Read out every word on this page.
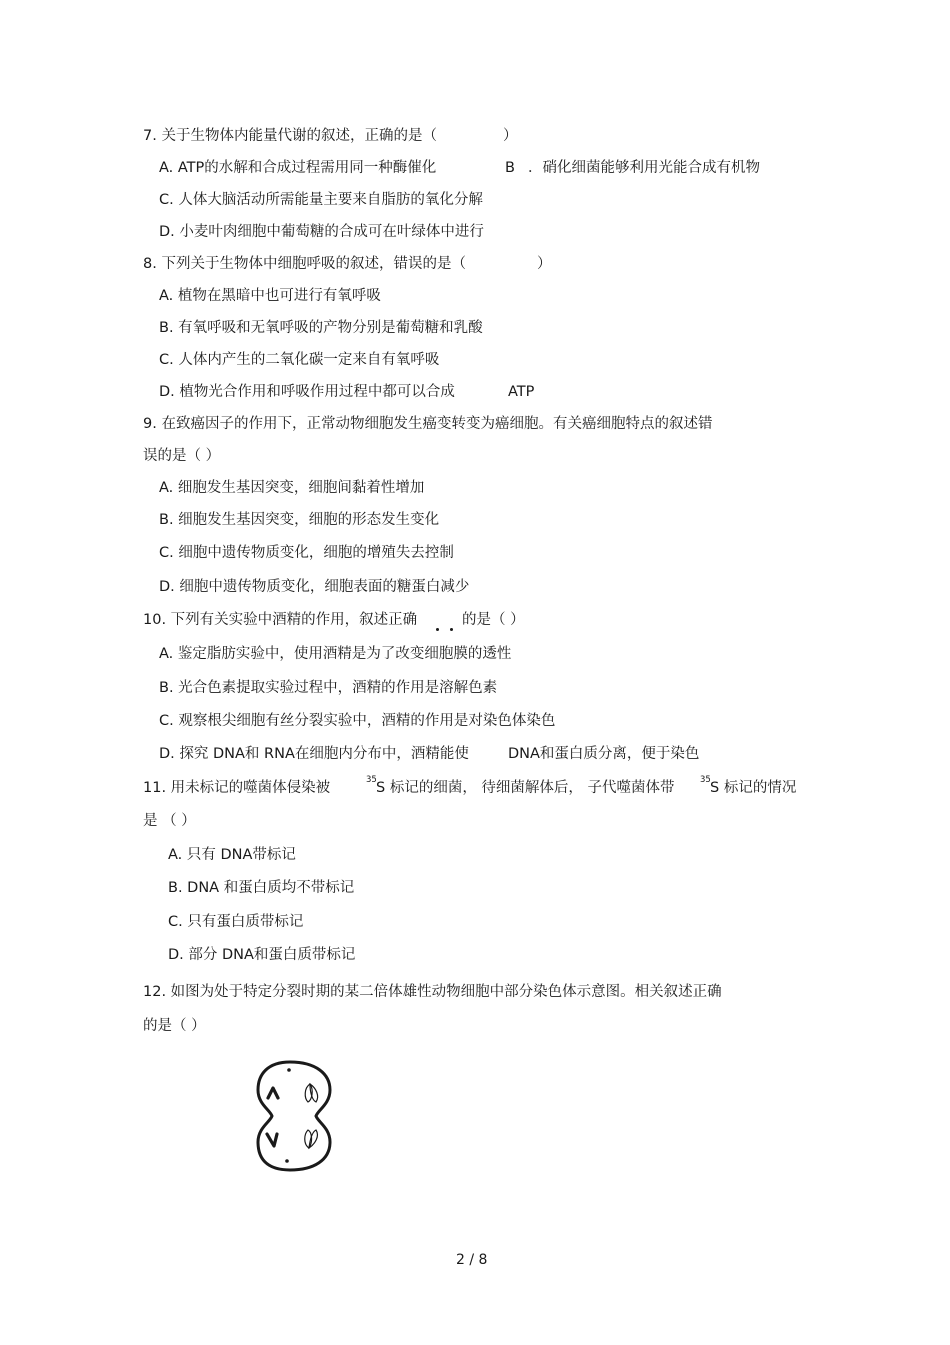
7. 关于生物体内能量代谢的叙述，正确的是（	）
A. ATP的水解和合成过程需用同一种酶催化	B ．硝化细菌能够利用光能合成有机物
C. 人体大脑活动所需能量主要来自脂肪的氧化分解
D. 小麦叶肉细胞中葡萄糖的合成可在叶绿体中进行
8. 下列关于生物体中细胞呼吸的叙述，错误的是（	）
A. 植物在黑暗中也可进行有氧呼吸
B. 有氧呼吸和无氧呼吸的产物分别是葡萄糖和乳酸
C. 人体内产生的二氧化碳一定来自有氧呼吸
D. 植物光合作用和呼吸作用过程中都可以合成	ATP
9. 在致癌因子的作用下，正常动物细胞发生癌变转变为癌细胞。有关癌细胞特点的叙述错
误的是（ ）
A. 细胞发生基因突变，细胞间黏着性增加
B. 细胞发生基因突变，细胞的形态发生变化
C. 细胞中遗传物质变化，细胞的增殖失去控制
D. 细胞中遗传物质变化，细胞表面的糖蛋白减少
10. 下列有关实验中酒精的作用，叙述正确	的是（ ）
A. 鉴定脂肪实验中，使用酒精是为了改变细胞膜的透性
B. 光合色素提取实验过程中，酒精的作用是溶解色素
C. 观察根尖细胞有丝分裂实验中，酒精的作用是对染色体染色
D. 探究 DNA和 RNA在细胞内分布中，酒精能使	DNA和蛋白质分离，便于染色
11. 用未标记的噬菌体侵染被	35 S 标记的细菌， 待细菌解体后， 子代噬菌体带	35 S 标记的情况
是 （ ）
A. 只有 DNA带标记
B. DNA 和蛋白质均不带标记
C. 只有蛋白质带标记
D. 部分 DNA和蛋白质带标记
12. 如图为处于特定分裂时期的某二倍体雄性动物细胞中部分染色体示意图。相关叙述正确
的是（ ）
2 / 8
